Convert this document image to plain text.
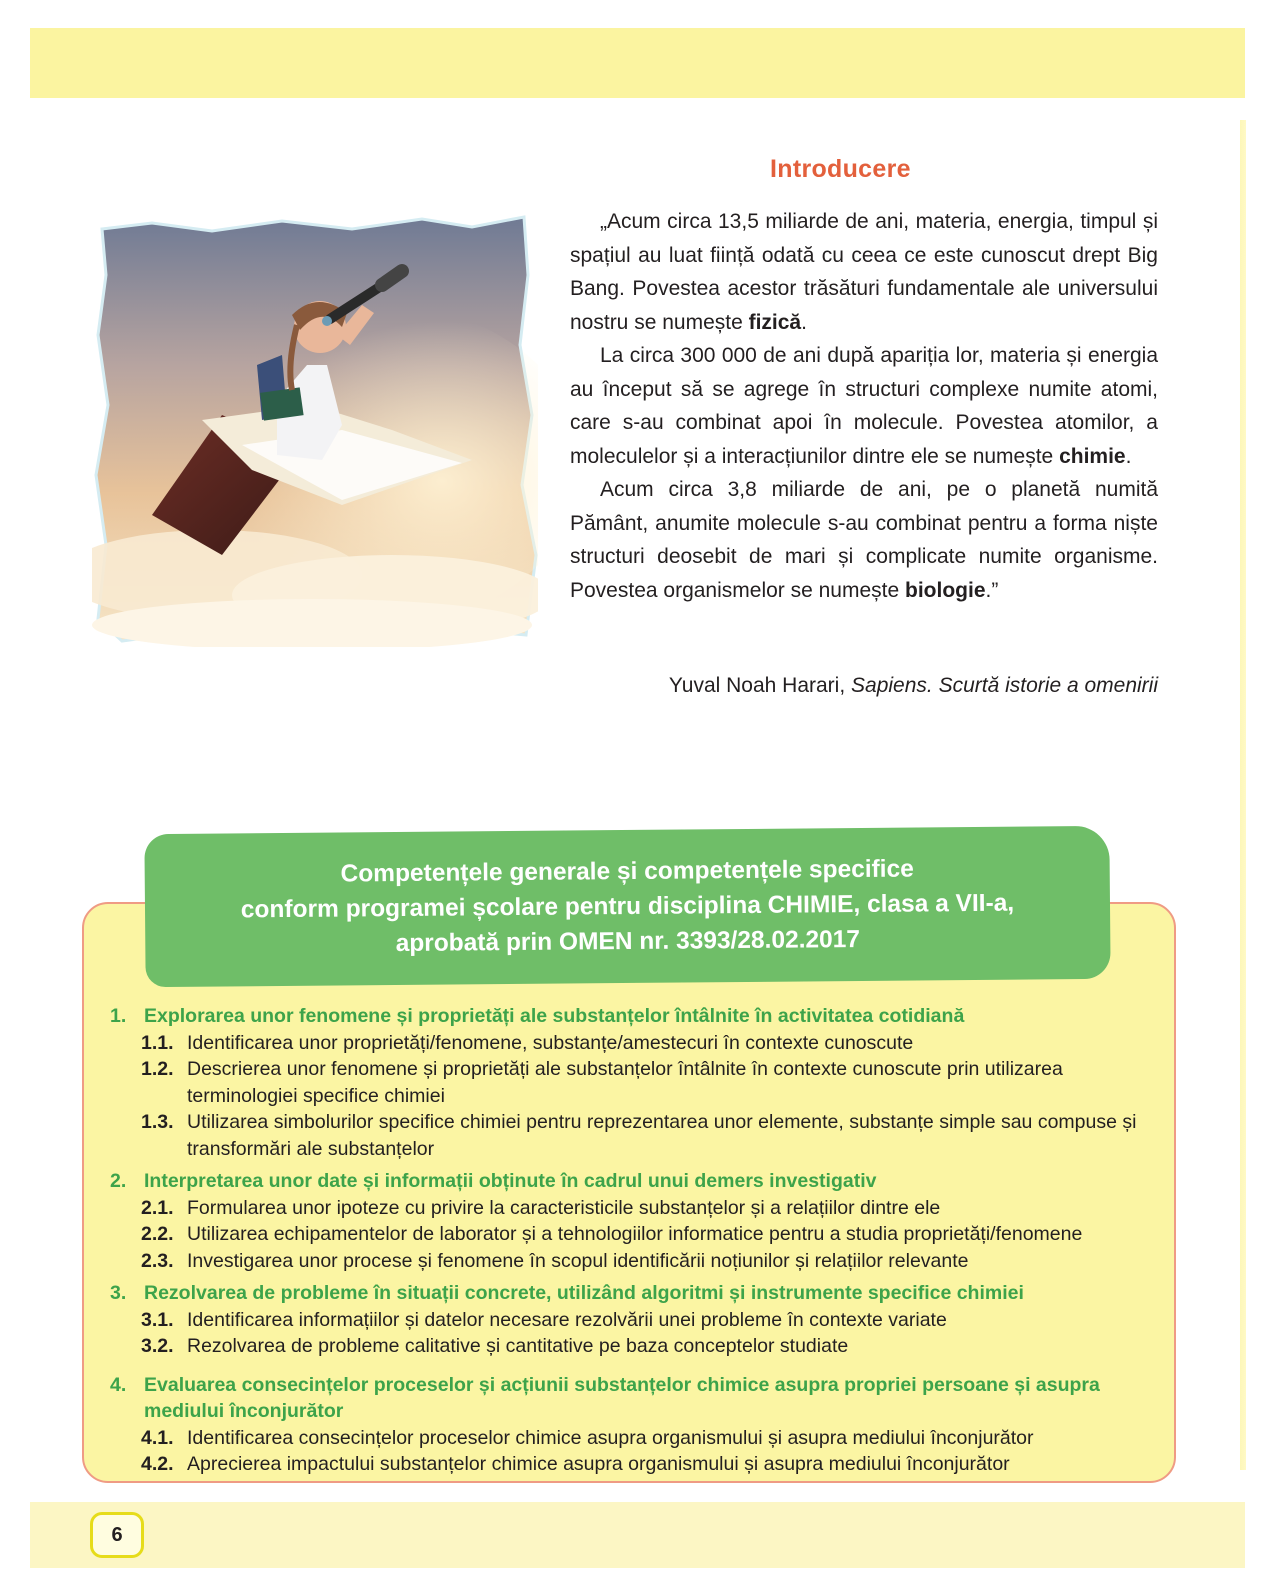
Introducere

„Acum circa 13,5 miliarde de ani, materia, energia, timpul și spațiul au luat ființă odată cu ceea ce este cunoscut drept Big Bang. Povestea acestor trăsături fundamentale ale universului nostru se numește fizică.

La circa 300 000 de ani după apariția lor, materia și energia au început să se agrege în structuri complexe numite atomi, care s-au combinat apoi în molecule. Povestea atomilor, a moleculelor și a interacțiunilor dintre ele se numește chimie.

Acum circa 3,8 miliarde de ani, pe o planetă numită Pământ, anumite molecule s-au combinat pentru a forma niște structuri deosebit de mari și complicate numite organisme. Povestea organismelor se numește biologie.”

Yuval Noah Harari, Sapiens. Scurtă istorie a omenirii
Competențele generale și competențele specifice
conform programei școlare pentru disciplina CHIMIE, clasa a VII-a,
aprobată prin OMEN nr. 3393/28.02.2017
1. Explorarea unor fenomene și proprietăți ale substanțelor întâlnite în activitatea cotidiană
1.1. Identificarea unor proprietăți/fenomene, substanțe/amestecuri în contexte cunoscute
1.2. Descrierea unor fenomene și proprietăți ale substanțelor întâlnite în contexte cunoscute prin utilizarea terminologiei specifice chimiei
1.3. Utilizarea simbolurilor specifice chimiei pentru reprezentarea unor elemente, substanțe simple sau compuse și transformări ale substanțelor
2. Interpretarea unor date și informații obținute în cadrul unui demers investigativ
2.1. Formularea unor ipoteze cu privire la caracteristicile substanțelor și a relațiilor dintre ele
2.2. Utilizarea echipamentelor de laborator și a tehnologiilor informatice pentru a studia proprietăți/fenomene
2.3. Investigarea unor procese și fenomene în scopul identificării noțiunilor și relațiilor relevante
3. Rezolvarea de probleme în situații concrete, utilizând algoritmi și instrumente specifice chimiei
3.1. Identificarea informațiilor și datelor necesare rezolvării unei probleme în contexte variate
3.2. Rezolvarea de probleme calitative și cantitative pe baza conceptelor studiate
4. Evaluarea consecințelor proceselor și acțiunii substanțelor chimice asupra propriei persoane și asupra mediului înconjurător
4.1. Identificarea consecințelor proceselor chimice asupra organismului și asupra mediului înconjurător
4.2. Aprecierea impactului substanțelor chimice asupra organismului și asupra mediului înconjurător
6
